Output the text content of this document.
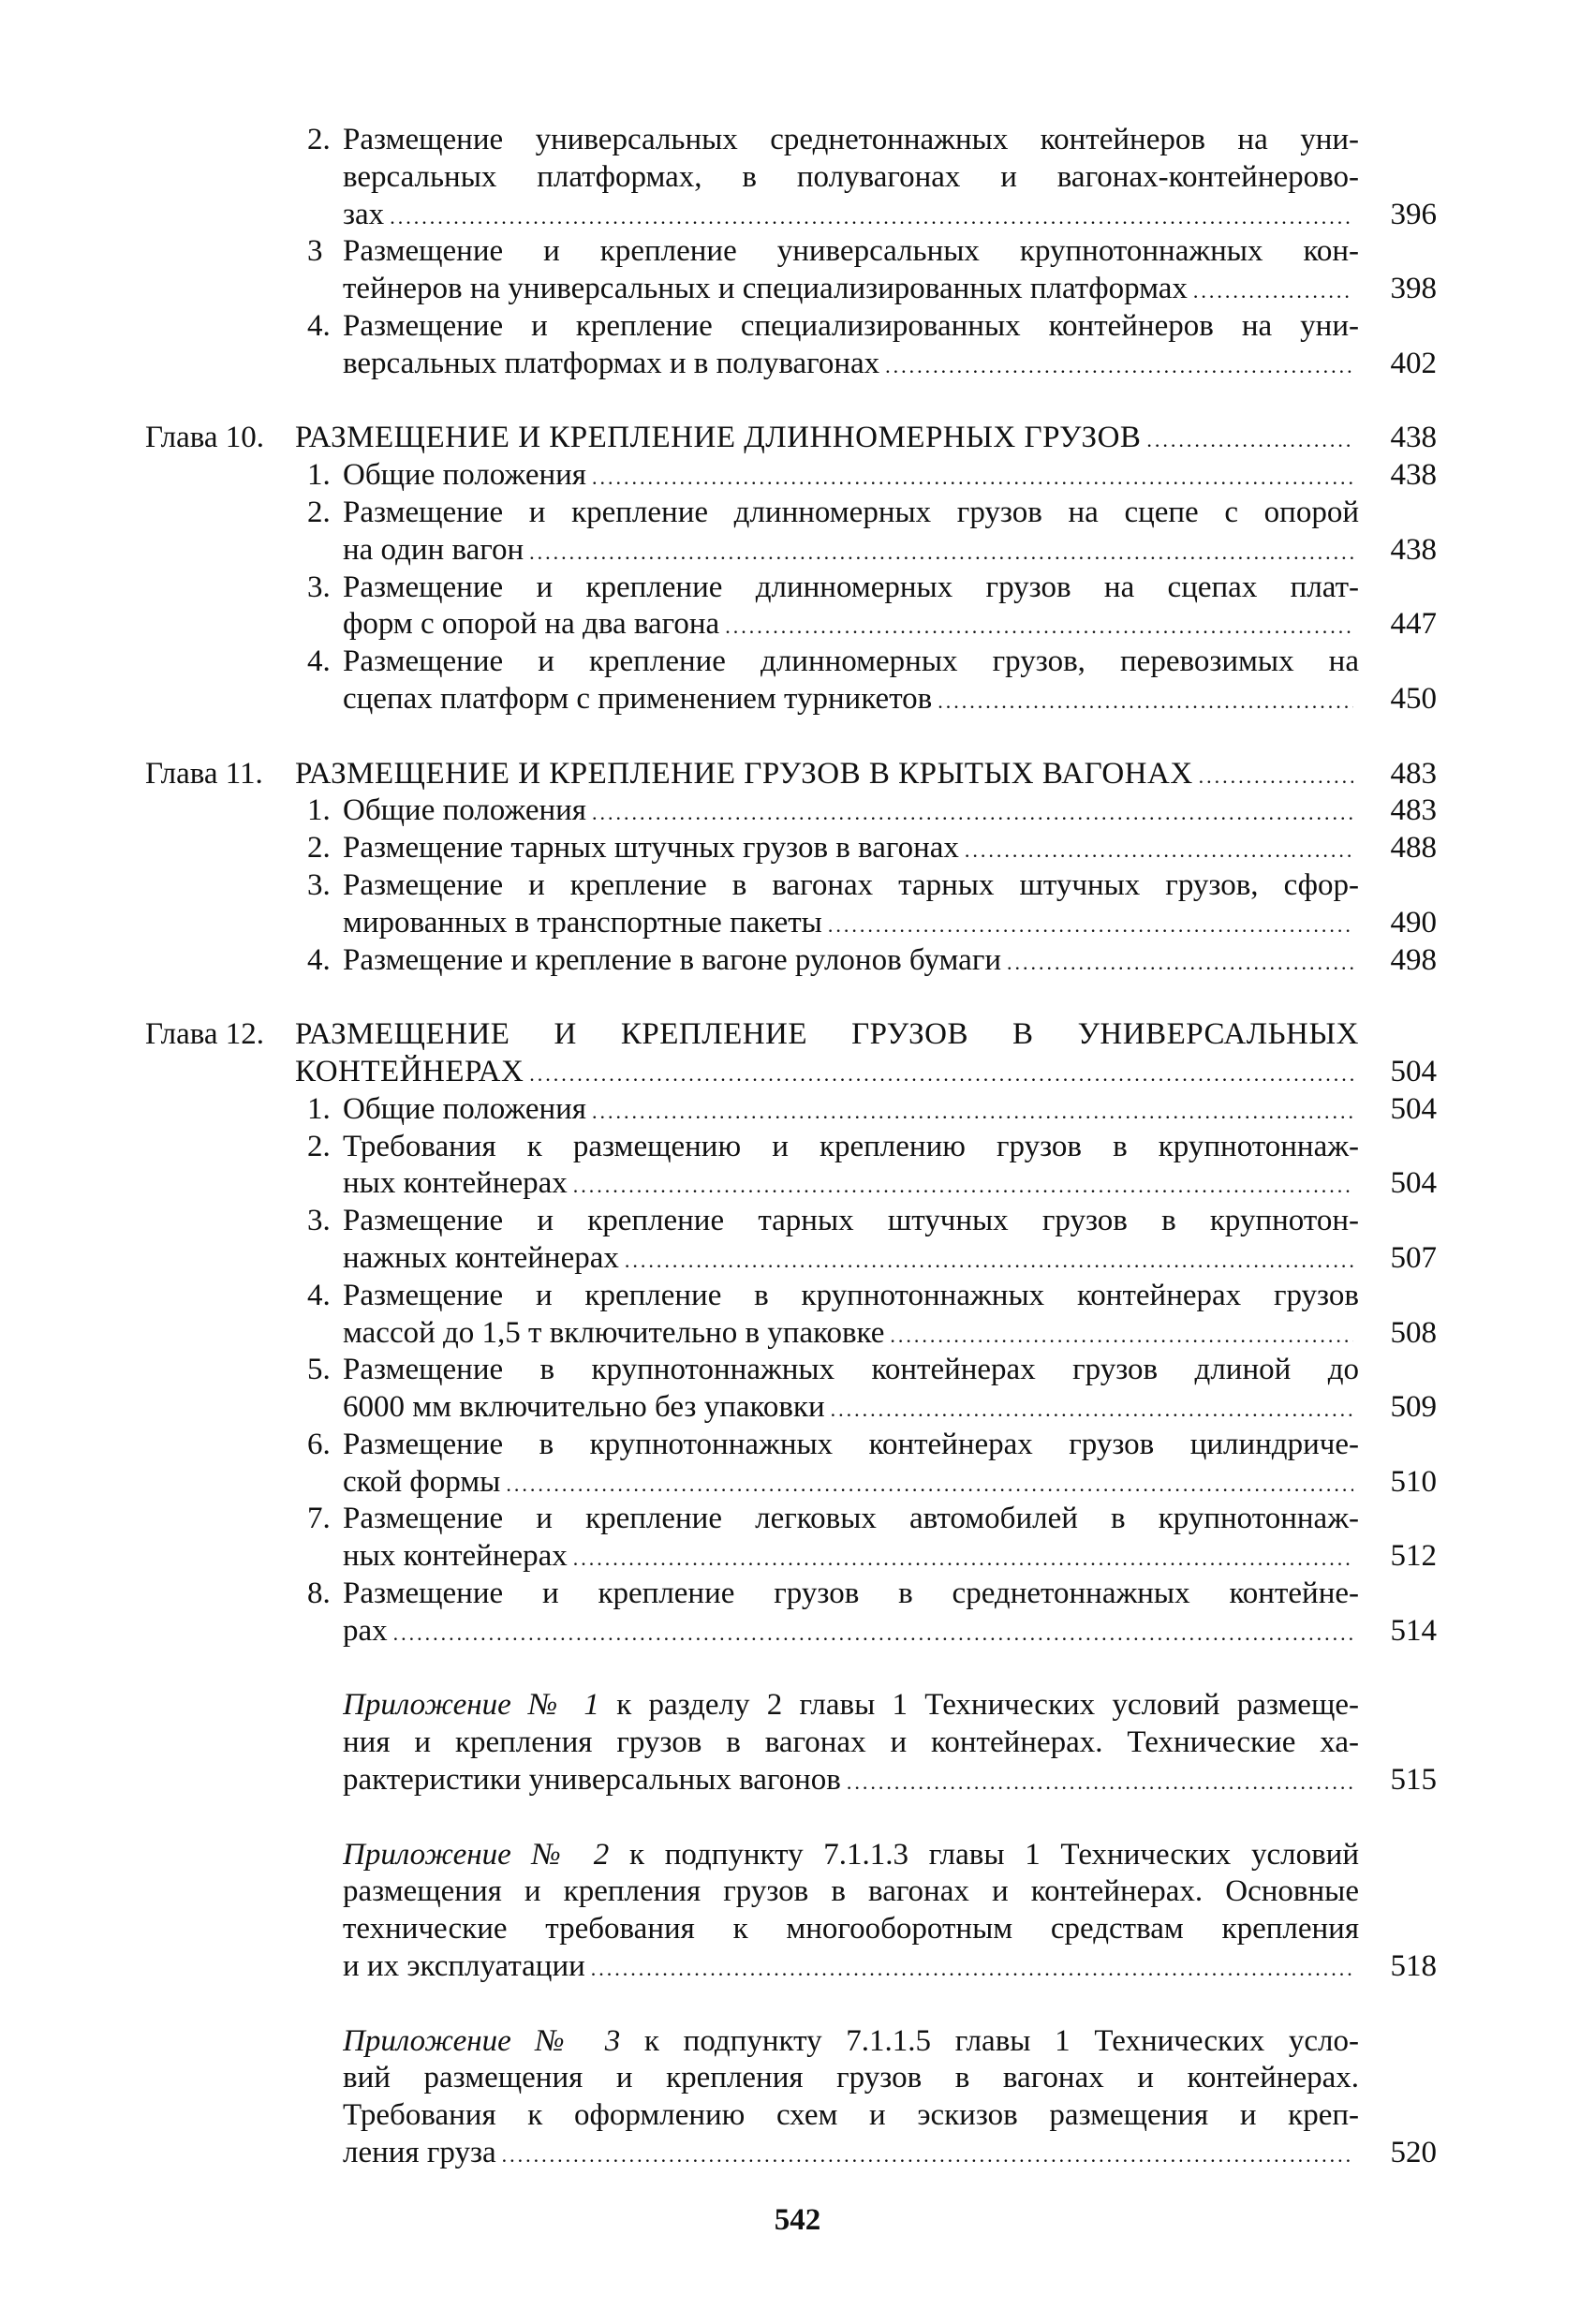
2. Размещение универсальных среднетоннажных контейнеров на уни-
версальных платформах, в полувагонах и вагонах-контейнерово-
зах .....	396
3 Размещение и крепление универсальных крупнотоннажных кон-
тейнеров на универсальных и специализированных платформах .....	398
4. Размещение и крепление специализированных контейнеров на уни-
версальных платформах и в полувагонах .....	402
Глава 10. РАЗМЕЩЕНИЕ И КРЕПЛЕНИЕ ДЛИННОМЕРНЫХ ГРУЗОВ .....	438
1. Общие положения .....	438
2. Размещение и крепление длинномерных грузов на сцепе с опорой
на один вагон .....	438
3. Размещение и крепление длинномерных грузов на сцепах плат-
форм с опорой на два вагона .....	447
4. Размещение и крепление длинномерных грузов, перевозимых на
сцепах платформ с применением турникетов .....	450
Глава 11. РАЗМЕЩЕНИЕ И КРЕПЛЕНИЕ ГРУЗОВ В КРЫТЫХ ВАГОНАХ .....	483
1. Общие положения .....	483
2. Размещение тарных штучных грузов в вагонах .....	488
3. Размещение и крепление в вагонах тарных штучных грузов, сфор-
мированных в транспортные пакеты .....	490
4. Размещение и крепление в вагоне рулонов бумаги .....	498
Глава 12. РАЗМЕЩЕНИЕ И КРЕПЛЕНИЕ ГРУЗОВ В УНИВЕРСАЛЬНЫХ
КОНТЕЙНЕРАХ .....	504
1. Общие положения .....	504
2. Требования к размещению и креплению грузов в крупнотоннаж-
ных контейнерах .....	504
3. Размещение и крепление тарных штучных грузов в крупнотон-
нажных контейнерах .....	507
4. Размещение и крепление в крупнотоннажных контейнерах грузов
массой до 1,5 т включительно в упаковке .....	508
5. Размещение в крупнотоннажных контейнерах грузов длиной до
6000 мм включительно без упаковки .....	509
6. Размещение в крупнотоннажных контейнерах грузов цилиндриче-
ской формы .....	510
7. Размещение и крепление легковых автомобилей в крупнотоннаж-
ных контейнерах .....	512
8. Размещение и крепление грузов в среднетоннажных контейне-
рах .....	514
Приложение № 1 к разделу 2 главы 1 Технических условий размеще-
ния и крепления грузов в вагонах и контейнерах. Технические ха-
рактеристики универсальных вагонов .....	515
Приложение № 2 к подпункту 7.1.1.3 главы 1 Технических условий
размещения и крепления грузов в вагонах и контейнерах. Основные
технические требования к многооборотным средствам крепления
и их эксплуатации .....	518
Приложение № 3 к подпункту 7.1.1.5 главы 1 Технических усло-
вий размещения и крепления грузов в вагонах и контейнерах.
Требования к оформлению схем и эскизов размещения и креп-
ления груза .....	520
542
